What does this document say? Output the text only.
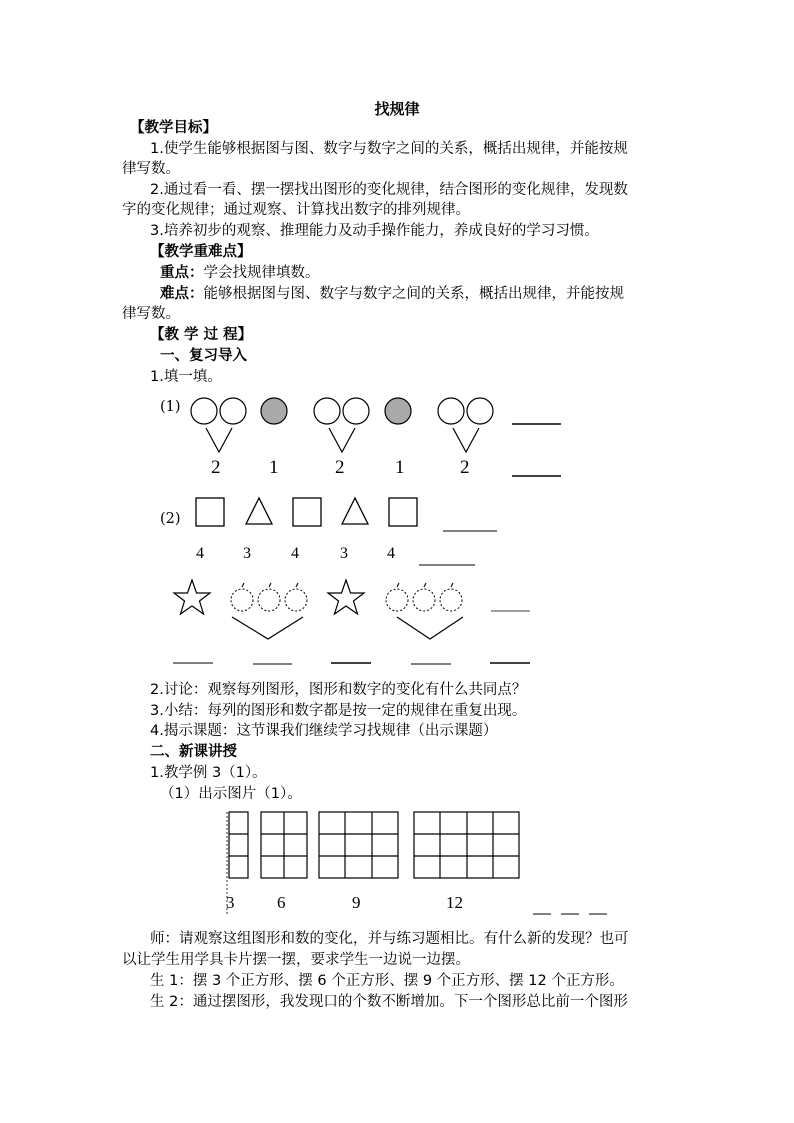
找规律
【教学目标】
1.使学生能够根据图与图、数字与数字之间的关系，概括出规律，并能按规
律写数。
2.通过看一看、摆一摆找出图形的变化规律，结合图形的变化规律，发现数
字的变化规律；通过观察、计算找出数字的排列规律。
3.培养初步的观察、推理能力及动手操作能力，养成良好的学习习惯。
【教学重难点】
重点：学会找规律填数。
难点：能够根据图与图、数字与数字之间的关系，概括出规律，并能按规
律写数。
【教 学 过 程】
一、复习导入
1.填一填。
(1)
2	1	2	1	2
(2)
4 3	4	3 4
2.讨论：观察每列图形，图形和数字的变化有什么共同点？
3.小结：每列的图形和数字都是按一定的规律在重复出现。
4.揭示课题：这节课我们继续学习找规律（出示课题）
二、新课讲授
1.教学例 3（1）。
（1）出示图片（1）。
3	6	9	12
师：请观察这组图形和数的变化，并与练习题相比。有什么新的发现？也可
以让学生用学具卡片摆一摆，要求学生一边说一边摆。
生 1：摆 3 个正方形、摆 6 个正方形、摆 9 个正方形、摆 12 个正方形。
生 2：通过摆图形，我发现口的个数不断增加。下一个图形总比前一个图形
